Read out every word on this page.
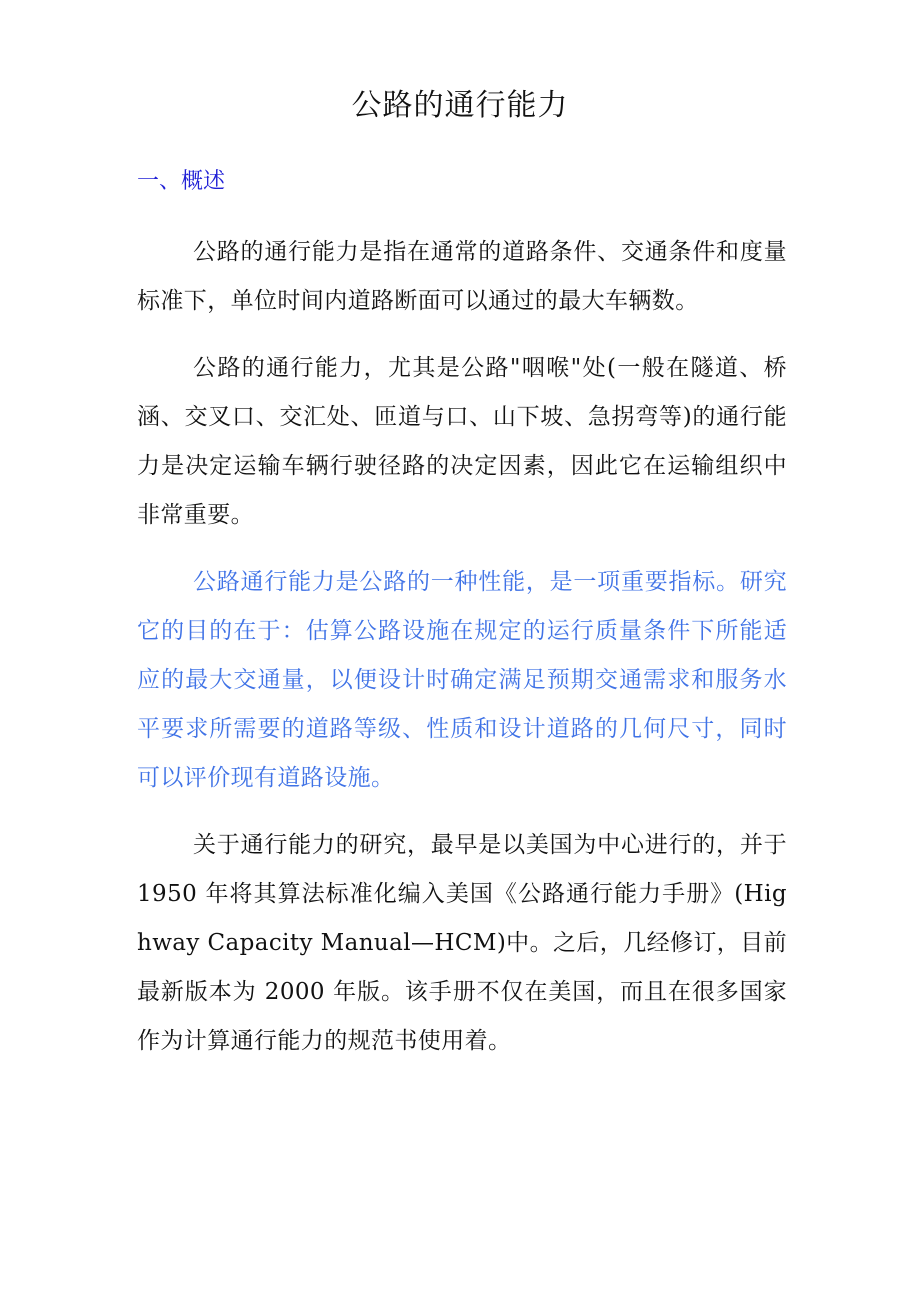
公路的通行能力
一、概述

公路的通行能力是指在通常的道路条件、交通条件和度量标准下，单位时间内道路断面可以通过的最大车辆数。

公路的通行能力，尤其是公路"咽喉"处(一般在隧道、桥涵、交叉口、交汇处、匝道与口、山下坡、急拐弯等)的通行能力是决定运输车辆行驶径路的决定因素，因此它在运输组织中非常重要。

公路通行能力是公路的一种性能，是一项重要指标。研究它的目的在于：估算公路设施在规定的运行质量条件下所能适应的最大交通量，以便设计时确定满足预期交通需求和服务水平要求所需要的道路等级、性质和设计道路的几何尺寸，同时可以评价现有道路设施。

关于通行能力的研究，最早是以美国为中心进行的，并于 1950 年将其算法标准化编入美国《公路通行能力手册》(Highway Capacity Manual—HCM)中。之后，几经修订，目前最新版本为 2000 年版。该手册不仅在美国，而且在很多国家作为计算通行能力的规范书使用着。
